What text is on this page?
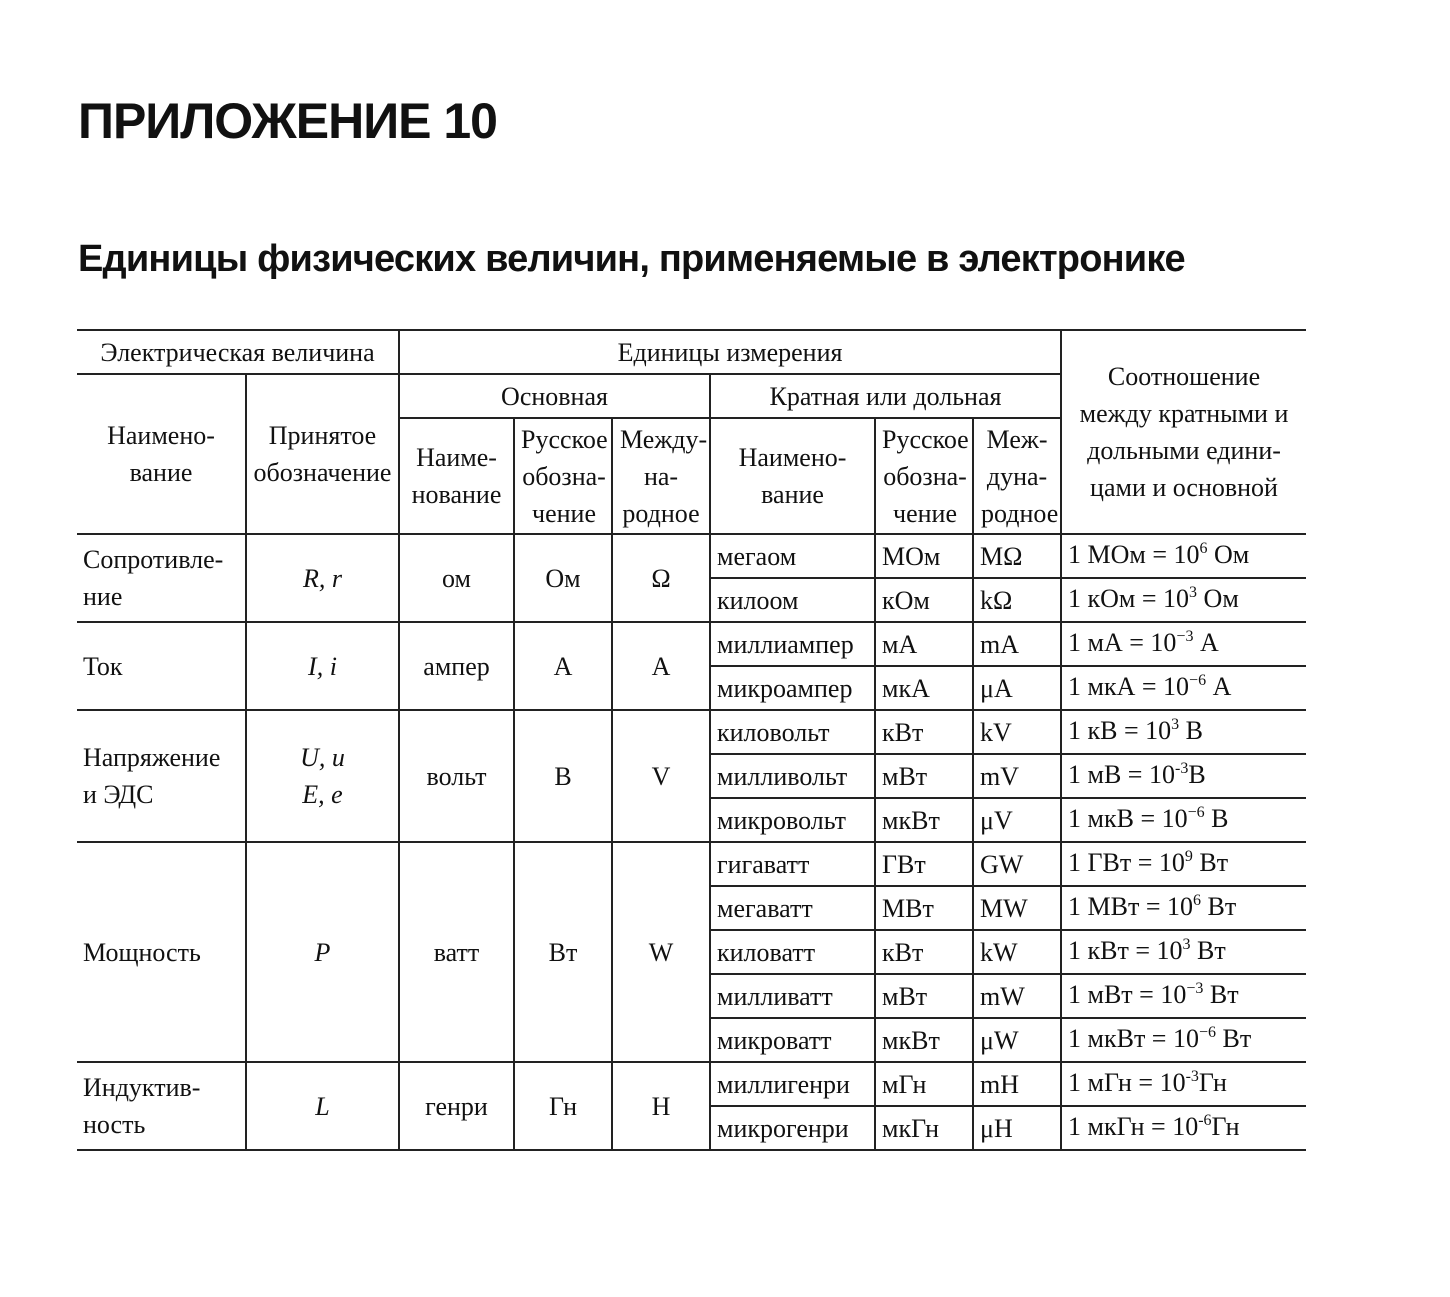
ПРИЛОЖЕНИЕ 10
Единицы физических величин, применяемые в электронике
Электрическая величина		Единицы измерения						Соотношение между кратными и дольными едини-цами и основной
Наимено-вание	Принятое обозначение	Основная			Кратная или дольная			
		Наиме-нование	Русское обозна-чение	Между-на-родное	Наимено-вание	Русское обозна-чение	Меж-дуна-родное	
Сопротивле-ние	R, r	ом	Ом	Ω	мегаом	МОм	MΩ	1 МОм = $10^6$ Ом
					килоом	кОм	kΩ	1 кОм = $10^3$ Ом
Ток	I, i	ампер	А	A	миллиампер	мА	mA	1 мА = $10^{-3}$ А
					микроампер	мкА	μA	1 мкА = $10^{-6}$ А
Напряжение и ЭДС	U, u E, e	вольт	В	V	киловольт	кВт	kV	1 кВ = $10^3$ В
					милливольт	мВт	mV	1 мВ = $10^{-3}В$
					микровольт	мкВт	μV	1 мкВ = $10^{-6}$ В
Мощность	P	ватт	Вт	W	гигаватт	ГВт	GW	1 ГВт = $10^9$ Вт
					мегаватт	МВт	MW	1 МВт = $10^6$ Вт
					киловатт	кВт	kW	1 кВт = $10^3$ Вт
					милливатт	мВт	mW	1 мВт = $10^{-3}$ Вт
					микроватт	мкВт	μW	1 мкВт = $10^{-6}$ Вт
Индуктив-ность	L	генри	Гн	H	миллигенри	мГн	mH	1 мГн = $10^{-3}Гн$
					микрогенри	мкГн	μH	1 мкГн = $10^{-6}Гн$
